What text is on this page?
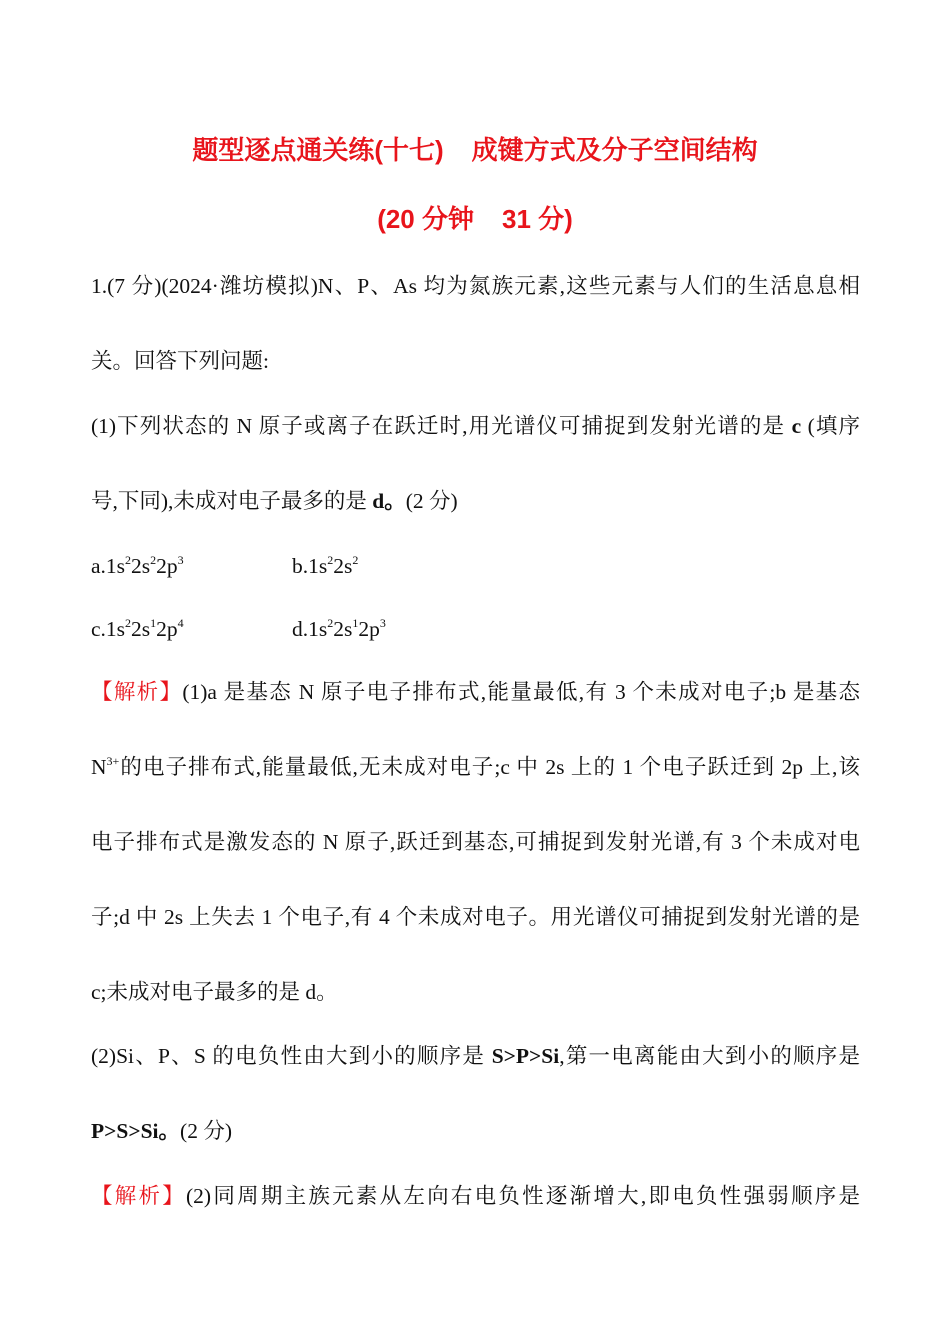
题型逐点通关练(十七) 成键方式及分子空间结构
(20 分钟 31 分)
1.(7 分)(2024·潍坊模拟)N、P、As 均为氮族元素,这些元素与人们的生活息息相
关。回答下列问题:
(1)下列状态的 N 原子或离子在跃迁时,用光谱仪可捕捉到发射光谱的是 c (填序
号,下同),未成对电子最多的是 d。(2 分)
$a.1s^22s^22p^3$	$b.1s^22s^2$
$c.1s^22s^12p^4$	$d.1s^22s^12p^3$
【解析】(1)a 是基态 N 原子电子排布式,能量最低,有 3 个未成对电子;b 是基态
$N^{3+}$的电子排布式,能量最低,无未成对电子;c 中 2s 上的 1 个电子跃迁到 2p 上,该
电子排布式是激发态的 N 原子,跃迁到基态,可捕捉到发射光谱,有 3 个未成对电
子;d 中 2s 上失去 1 个电子,有 4 个未成对电子。用光谱仪可捕捉到发射光谱的是
c;未成对电子最多的是 d。
(2)Si、P、S 的电负性由大到小的顺序是 S>P>Si,第一电离能由大到小的顺序是
P>S>Si。(2 分)
【解析】(2)同周期主族元素从左向右电负性逐渐增大,即电负性强弱顺序是
